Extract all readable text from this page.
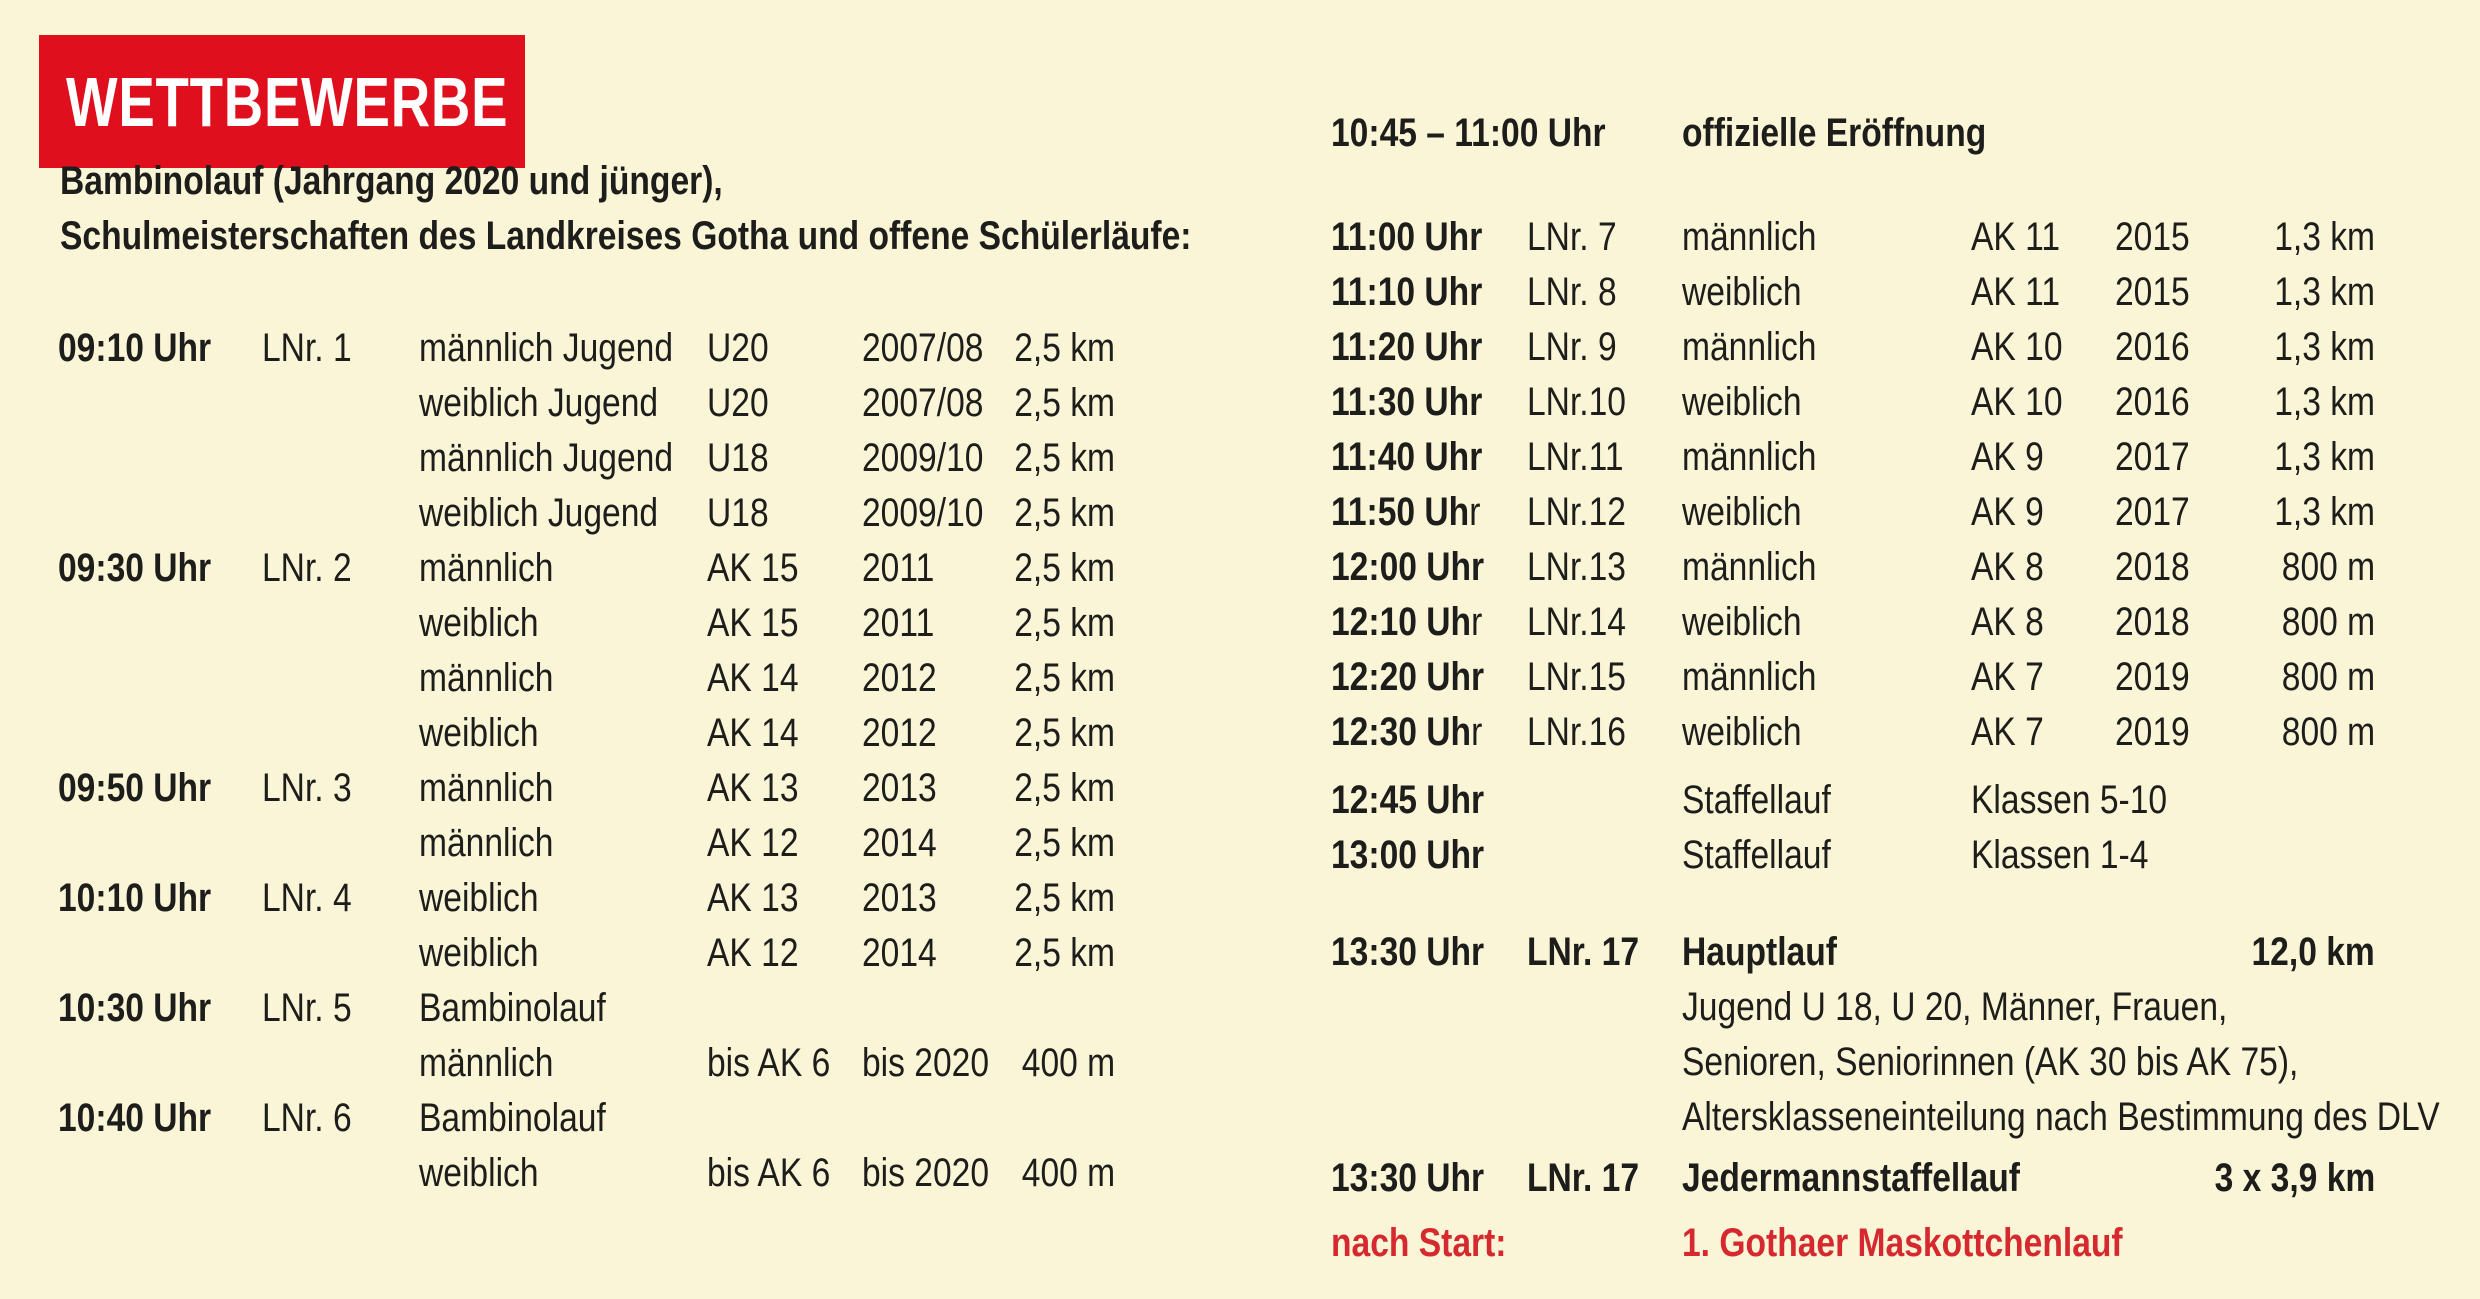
WETTBEWERBE
Bambinolauf (Jahrgang 2020 und jünger),
Schulmeisterschaften des Landkreises Gotha und offene Schülerläufe:
09:10 Uhr LNr. 1 männlich Jugend U20 2007/08 2,5 km
weiblich Jugend U20 2007/08 2,5 km
männlich Jugend U18 2009/10 2,5 km
weiblich Jugend U18 2009/10 2,5 km
09:30 Uhr LNr. 2 männlich	AK 15 2011 2,5 km
weiblich	AK 15 2011 2,5 km
männlich	AK 14 2012 2,5 km
weiblich	AK 14 2012 2,5 km
09:50 Uhr LNr. 3 männlich	AK 13 2013 2,5 km
männlich	AK 12 2014 2,5 km
10:10 Uhr LNr. 4 weiblich	AK 13 2013 2,5 km
weiblich	AK 12 2014 2,5 km
10:30 Uhr LNr. 5 Bambinolauf
männlich	bis AK 6 bis 2020 400 m
10:40 Uhr LNr. 6 Bambinolauf
weiblich	bis AK 6 bis 2020 400 m
10:45 – 11:00 Uhr offizielle Eröffnung
11:00 Uhr LNr. 7 männlich	AK 11 2015 1,3 km
11:10 Uhr LNr. 8 weiblich	AK 11 2015 1,3 km
11:20 Uhr LNr. 9 männlich	AK 10 2016 1,3 km
11:30 Uhr LNr.10 weiblich	AK 10 2016 1,3 km
11:40 Uhr LNr.11 männlich	AK 9 2017 1,3 km
11:50 Uhr LNr.12 weiblich	AK 9 2017 1,3 km
12:00 Uhr LNr.13 männlich	AK 8 2018 800 m
12:10 Uhr LNr.14 weiblich	AK 8 2018 800 m
12:20 Uhr LNr.15 männlich	AK 7 2019 800 m
12:30 Uhr LNr.16 weiblich	AK 7 2019 800 m
12:45 Uhr	Staffellauf	Klassen 5-10
13:00 Uhr	Staffellauf	Klassen 1-4
13:30 Uhr LNr. 17 Hauptlauf	12,0 km
Jugend U 18, U 20, Männer, Frauen,
Senioren, Seniorinnen (AK 30 bis AK 75),
Altersklasseneinteilung nach Bestimmung des DLV
13:30 Uhr LNr. 17 Jedermannstaffellauf	3 x 3,9 km
nach Start:	1. Gothaer Maskottchenlauf
